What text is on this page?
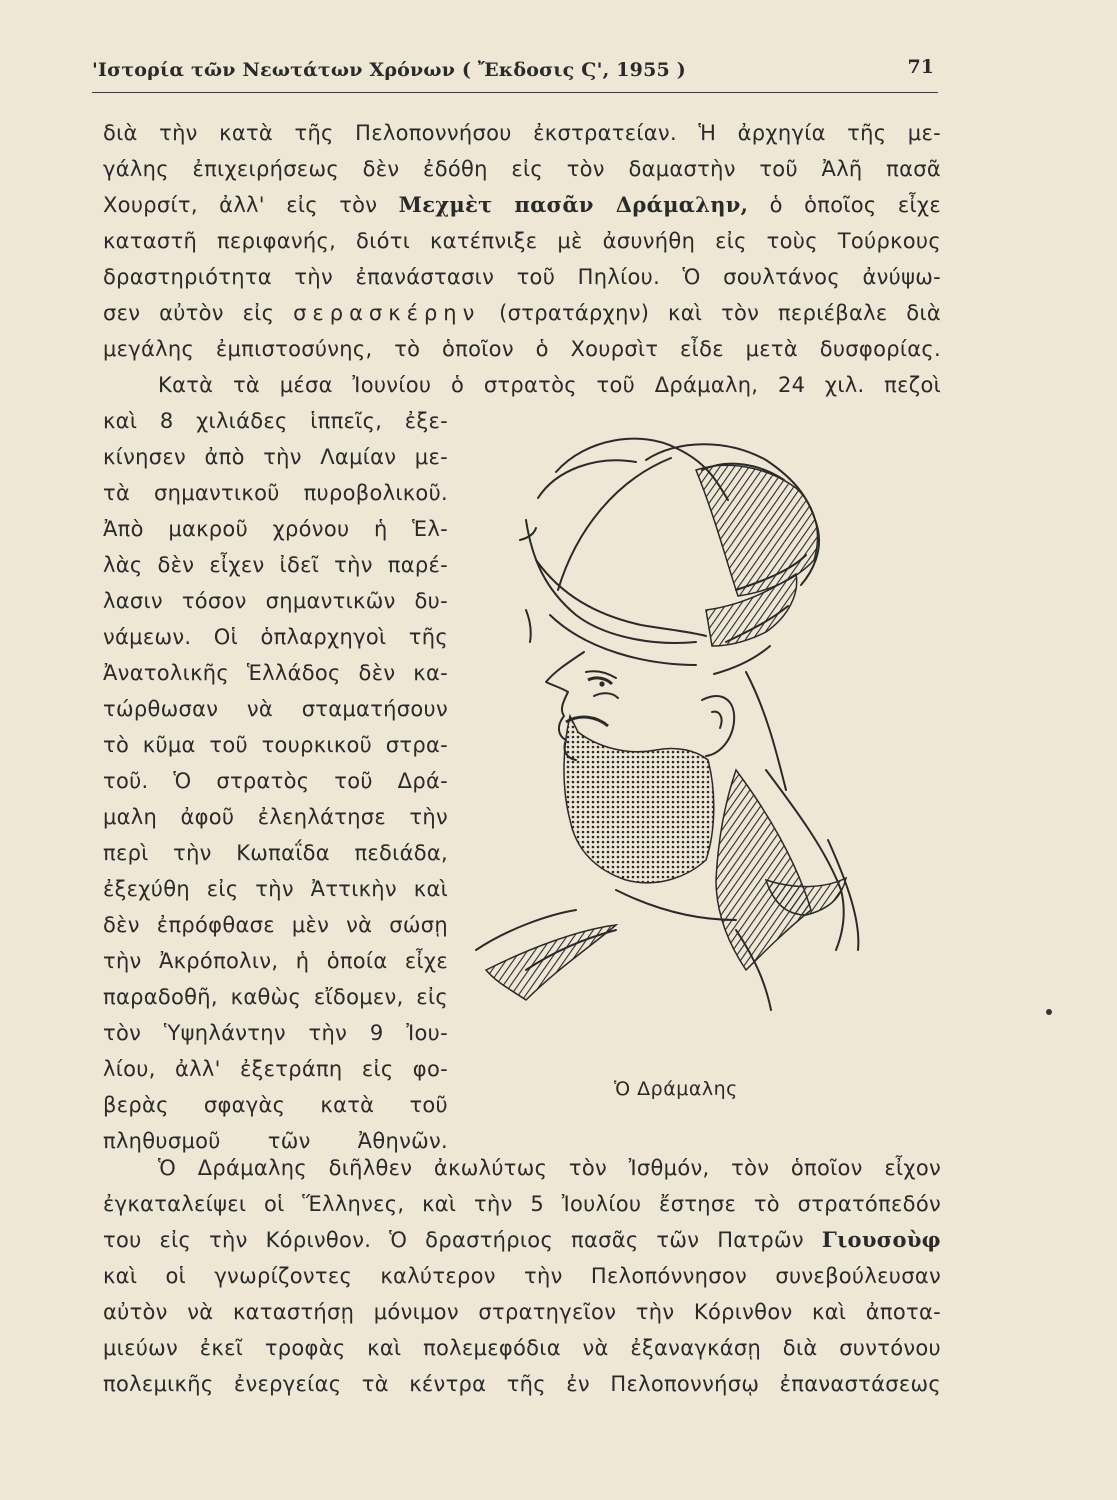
'Ιστορία τῶν Νεωτάτων Χρόνων ( Ἔκδοσις Ϛ', 1955 )	71
διὰ τὴν κατὰ τῆς Πελοποννήσου ἐκστρατείαν. Ἡ ἀρχηγία τῆς με-
γάλης ἐπιχειρήσεως δὲν ἐδόθη εἰς τὸν δαμαστὴν τοῦ Ἀλῆ πασᾶ
Χουρσίτ, ἀλλ' εἰς τὸν Μεχμὲτ πασᾶν Δράμαλην, ὁ ὁποῖος εἶχε
καταστῆ περιφανής, διότι κατέπνιξε μὲ ἀσυνήθη εἰς τοὺς Τούρκους
δραστηριότητα τὴν ἐπανάστασιν τοῦ Πηλίου. Ὁ σουλτάνος ἀνύψω-
σεν αὐτὸν εἰς σερασκέρην (στρατάρχην) καὶ τὸν περιέβαλε διὰ
μεγάλης ἐμπιστοσύνης, τὸ ὁποῖον ὁ Χουρσὶτ εἶδε μετὰ δυσφορίας.
Κατὰ τὰ μέσα Ἰουνίου ὁ στρατὸς τοῦ Δράμαλη, 24 χιλ. πεζοὶ
καὶ 8 χιλιάδες ἱππεῖς, ἐξε-
κίνησεν ἀπὸ τὴν Λαμίαν με-
τὰ σημαντικοῦ πυροβολικοῦ.
Ἀπὸ μακροῦ χρόνου ἡ Ἑλ-
λὰς δὲν εἶχεν ἰδεῖ τὴν παρέ-
λασιν τόσον σημαντικῶν δυ-
νάμεων. Οἱ ὁπλαρχηγοὶ τῆς
Ἀνατολικῆς Ἑλλάδος δὲν κα-
τώρθωσαν νὰ σταματήσουν
τὸ κῦμα τοῦ τουρκικοῦ στρα-
τοῦ. Ὁ στρατὸς τοῦ Δρά-
μαλη ἀφοῦ ἐλεηλάτησε τὴν
περὶ τὴν Κωπαΐδα πεδιάδα,
ἐξεχύθη εἰς τὴν Ἀττικὴν καὶ
δὲν ἐπρόφθασε μὲν νὰ σώσῃ
τὴν Ἀκρόπολιν, ἡ ὁποία εἶχε
παραδοθῆ, καθὼς εἴδομεν, εἰς
τὸν Ὑψηλάντην τὴν 9 Ἰου-
λίου, ἀλλ' ἐξετράπη εἰς φο-
βερὰς σφαγὰς κατὰ τοῦ
πληθυσμοῦ τῶν Ἀθηνῶν.
Ὁ Δράμαλης
Ὁ Δράμαλης διῆλθεν ἀκωλύτως τὸν Ἰσθμόν, τὸν ὁποῖον εἶχον
ἐγκαταλείψει οἱ Ἕλληνες, καὶ τὴν 5 Ἰουλίου ἔστησε τὸ στρατόπεδόν
του εἰς τὴν Κόρινθον. Ὁ δραστήριος πασᾶς τῶν Πατρῶν Γιουσοὺφ
καὶ οἱ γνωρίζοντες καλύτερον τὴν Πελοπόννησον συνεβούλευσαν
αὐτὸν νὰ καταστήσῃ μόνιμον στρατηγεῖον τὴν Κόρινθον καὶ ἀποτα-
μιεύων ἐκεῖ τροφὰς καὶ πολεμεφόδια νὰ ἐξαναγκάσῃ διὰ συντόνου
πολεμικῆς ἐνεργείας τὰ κέντρα τῆς ἐν Πελοποννήσῳ ἐπαναστάσεως
